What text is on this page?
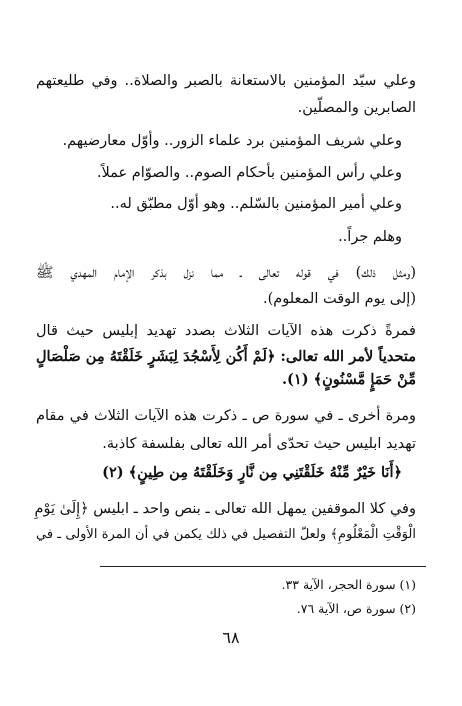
وعلي سيّد المؤمنين بالاستعانة بالصبر والصلاة.. وفي طليعتهم
الصابرين والمصلّين.
وعلي شريف المؤمنين برد علماء الزور.. وأوّل معارضيهم.
وعلي رأس المؤمنين بأحكام الصوم.. والصوّام عملاً.
وعلي أمير المؤمنين بالسّلم.. وهو أوّل مطبّق له..
وهلم جراً..
(ومثل ذلك) في قوله تعالى ـ مما نزل بذكر الإمام المهدي ﷺ
(إلى يوم الوقت المعلوم).
فمرةً ذكرت هذه الآيات الثلاث بصدد تهديد إبليس حيث قال
متحدياً لأمر الله تعالى: ﴿لَمْ أَكُن لِأَسْجُدَ لِبَشَرٍ خَلَقْتَهُ مِن صَلْصَالٍ
مِّنْ حَمَإٍ مَّسْنُونٍ﴾ (١).
ومرة أخرى ـ في سورة ص ـ ذكرت هذه الآيات الثلاث في مقام
تهديد ابليس حيث تحدّى أمر الله تعالى بفلسفة كاذبة.
﴿أَنَا خَيْرٌ مِّنْهُ خَلَقْتَنِي مِن نَّارٍ وَخَلَقْتَهُ مِن طِينٍ﴾ (٢)
وفي كلا الموقفين يمهل الله تعالى ـ بنص واحد ـ ابليس ﴿إِلَىٰ يَوْمِ
الْوَقْتِ الْمَعْلُومِ﴾ ولعلّ التفصيل في ذلك يكمن في أن المرة الأولى ـ في
(١) سورة الحجر، الآية ٣٣.
(٢) سورة ص، الآية ٧٦.
٦٨
